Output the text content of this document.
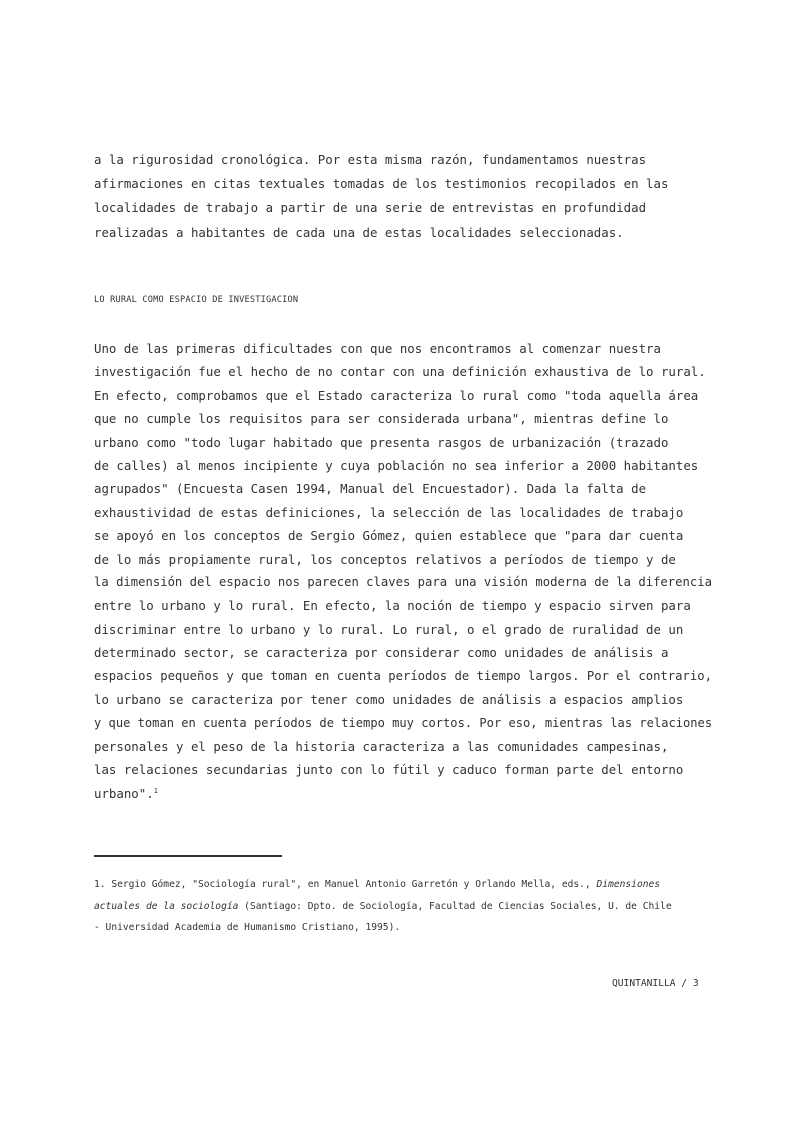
a la rigurosidad cronológica. Por esta misma razón, fundamentamos nuestras
afirmaciones en citas textuales tomadas de los testimonios recopilados en las
localidades de trabajo a partir de una serie de entrevistas en profundidad
realizadas a habitantes de cada una de estas localidades seleccionadas.
LO RURAL COMO ESPACIO DE INVESTIGACION
Uno de las primeras dificultades con que nos encontramos al comenzar nuestra
investigación fue el hecho de no contar con una definición exhaustiva de lo rural.
En efecto, comprobamos que el Estado caracteriza lo rural como "toda aquella área
que no cumple los requisitos para ser considerada urbana", mientras define lo
urbano como "todo lugar habitado que presenta rasgos de urbanización (trazado
de calles) al menos incipiente y cuya población no sea inferior a 2000 habitantes
agrupados" (Encuesta Casen 1994, Manual del Encuestador). Dada la falta de
exhaustividad de estas definiciones, la selección de las localidades de trabajo
se apoyó en los conceptos de Sergio Gómez, quien establece que "para dar cuenta
de lo más propiamente rural, los conceptos relativos a períodos de tiempo y de
la dimensión del espacio nos parecen claves para una visión moderna de la diferencia
entre lo urbano y lo rural. En efecto, la noción de tiempo y espacio sirven para
discriminar entre lo urbano y lo rural. Lo rural, o el grado de ruralidad de un
determinado sector, se caracteriza por considerar como unidades de análisis a
espacios pequeños y que toman en cuenta períodos de tiempo largos. Por el contrario,
lo urbano se caracteriza por tener como unidades de análisis a espacios amplios
y que toman en cuenta períodos de tiempo muy cortos. Por eso, mientras las relaciones
personales y el peso de la historia caracteriza a las comunidades campesinas,
las relaciones secundarias junto con lo fútil y caduco forman parte del entorno
urbano".$^1$
1. Sergio Gómez, "Sociología rural", en Manuel Antonio Garretón y Orlando Mella, eds., Dimensiones
actuales de la sociología (Santiago: Dpto. de Sociología, Facultad de Ciencias Sociales, U. de Chile
- Universidad Academia de Humanismo Cristiano, 1995).
QUINTANILLA / 3
